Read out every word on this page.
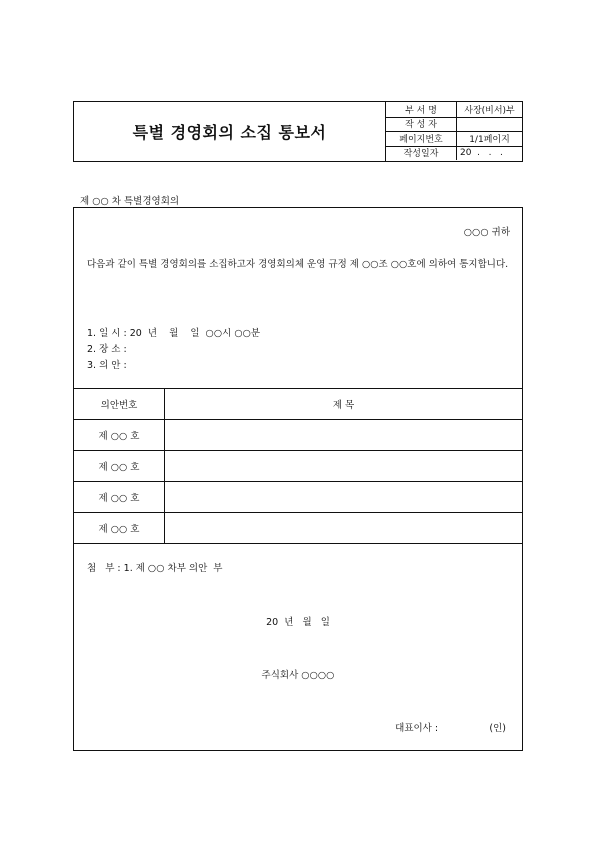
특별 경영회의 소집 통보서
부 서 명	사장(비서)부
작 성 자
페이지번호	1/1페이지
작성일자	20  .   .   .
제 ○○ 차 특별경영회의
○○○ 귀하
다음과 같이 특별 경영회의를 소집하고자 경영회의체 운영 규정 제 ○○조 ○○호에 의하여 통지합니다.
1. 일 시 : 20  년    월    일  ○○시 ○○분
2. 장 소 :
3. 의 안 :
의안번호	제 목
제 ○○ 호	
제 ○○ 호	
제 ○○ 호	
제 ○○ 호	
첨   부 : 1. 제 ○○ 차부 의안  부
20  년   월   일
주식회사 ○○○○
대표이사 :                 (인)
